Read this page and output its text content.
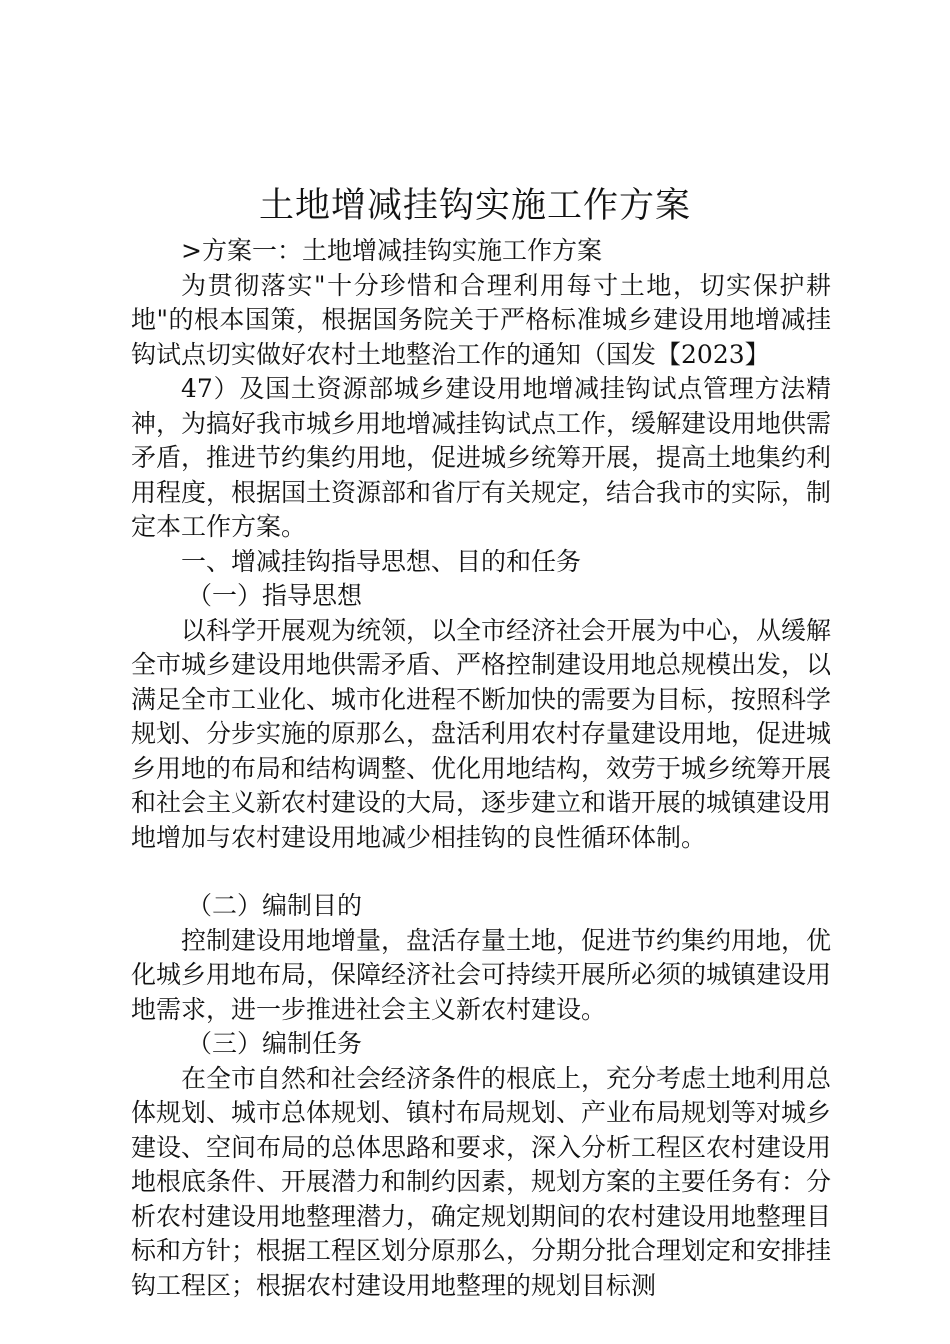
土地增减挂钩实施工作方案

>方案一：土地增减挂钩实施工作方案

为贯彻落实"十分珍惜和合理利用每寸土地，切实保护耕地"的根本国策，根据国务院关于严格标准城乡建设用地增减挂钩试点切实做好农村土地整治工作的通知（国发【2023】

47）及国土资源部城乡建设用地增减挂钩试点管理方法精神，为搞好我市城乡用地增减挂钩试点工作，缓解建设用地供需矛盾，推进节约集约用地，促进城乡统筹开展，提高土地集约利用程度，根据国土资源部和省厅有关规定，结合我市的实际，制定本工作方案。

一、增减挂钩指导思想、目的和任务

（一）指导思想

以科学开展观为统领，以全市经济社会开展为中心，从缓解全市城乡建设用地供需矛盾、严格控制建设用地总规模出发，以满足全市工业化、城市化进程不断加快的需要为目标，按照科学规划、分步实施的原那么，盘活利用农村存量建设用地，促进城乡用地的布局和结构调整、优化用地结构，效劳于城乡统筹开展和社会主义新农村建设的大局，逐步建立和谐开展的城镇建设用地增加与农村建设用地减少相挂钩的良性循环体制。

（二）编制目的

控制建设用地增量，盘活存量土地，促进节约集约用地，优化城乡用地布局，保障经济社会可持续开展所必须的城镇建设用地需求，进一步推进社会主义新农村建设。

（三）编制任务

在全市自然和社会经济条件的根底上，充分考虑土地利用总体规划、城市总体规划、镇村布局规划、产业布局规划等对城乡建设、空间布局的总体思路和要求，深入分析工程区农村建设用地根底条件、开展潜力和制约因素，规划方案的主要任务有：分析农村建设用地整理潜力，确定规划期间的农村建设用地整理目标和方针；根据工程区划分原那么，分期分批合理划定和安排挂钩工程区；根据农村建设用地整理的规划目标测
